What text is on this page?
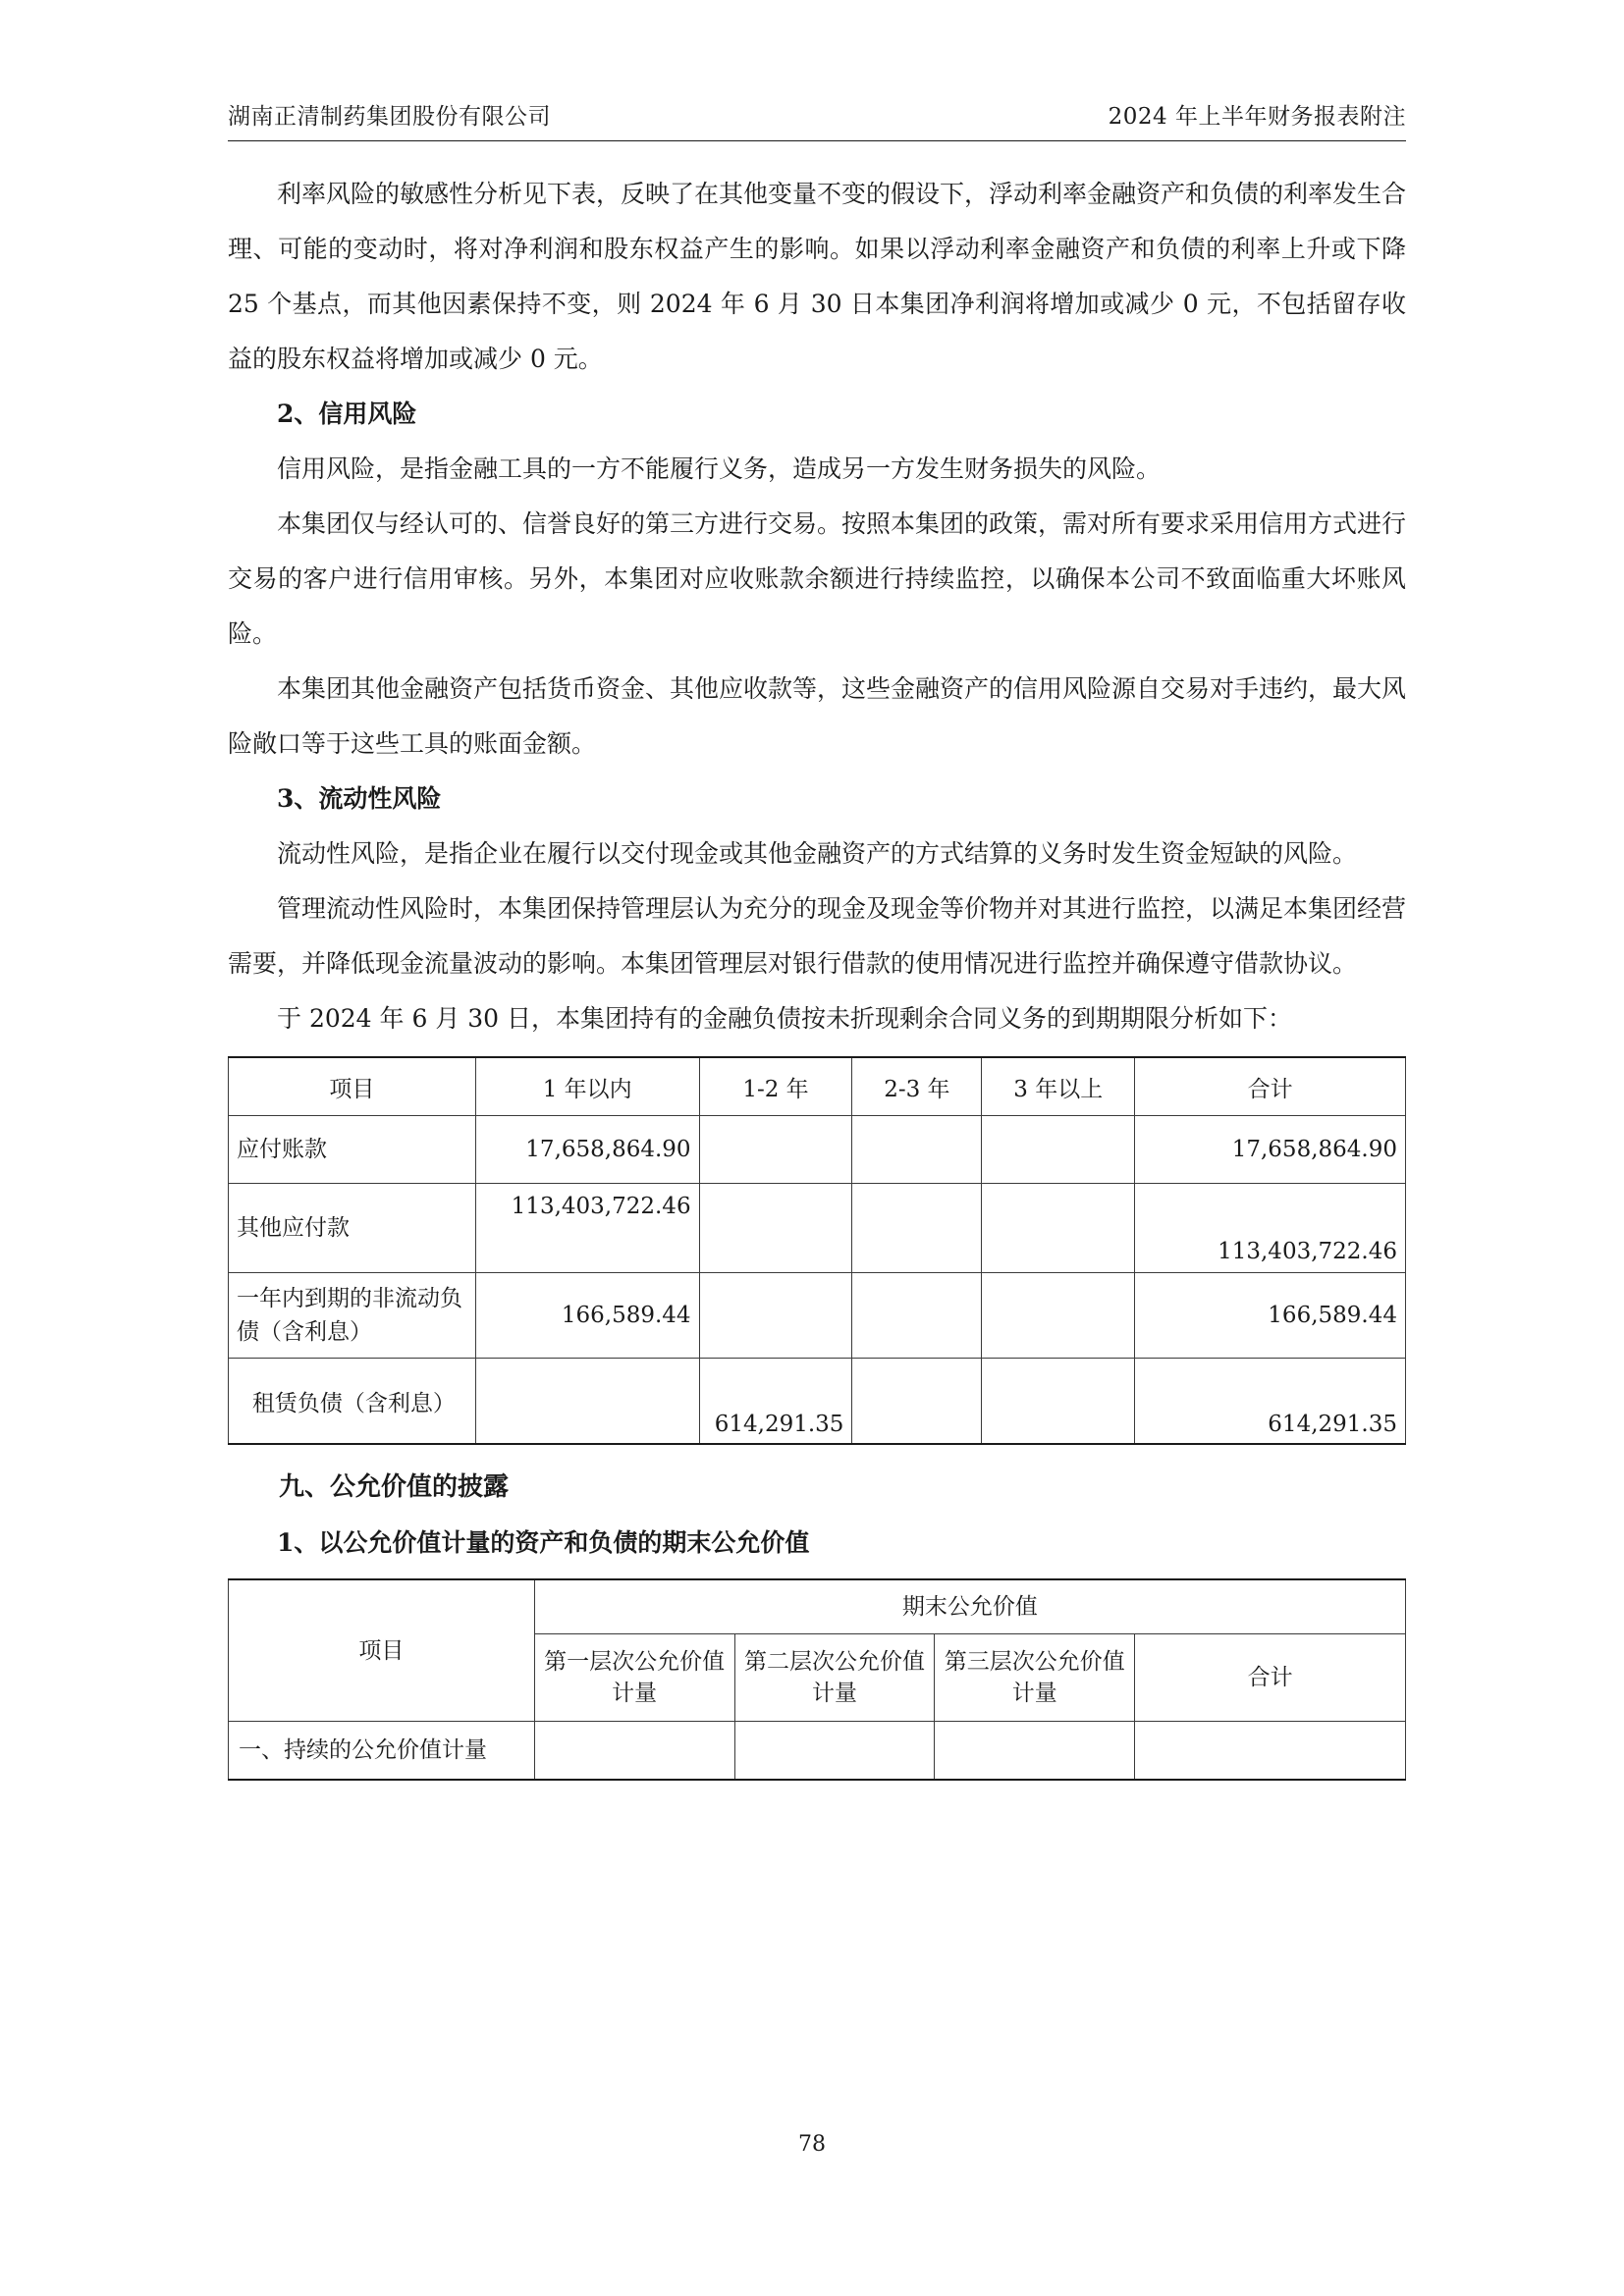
湖南正清制药集团股份有限公司	2024 年上半年财务报表附注

利率风险的敏感性分析见下表，反映了在其他变量不变的假设下，浮动利率金融资产和负债的利率发生合理、可能的变动时，将对净利润和股东权益产生的影响。如果以浮动利率金融资产和负债的利率上升或下降 25 个基点，而其他因素保持不变，则 2024 年 6 月 30 日本集团净利润将增加或减少 0 元，不包括留存收益的股东权益将增加或减少 0 元。

2、信用风险

信用风险，是指金融工具的一方不能履行义务，造成另一方发生财务损失的风险。

本集团仅与经认可的、信誉良好的第三方进行交易。按照本集团的政策，需对所有要求采用信用方式进行交易的客户进行信用审核。另外，本集团对应收账款余额进行持续监控，以确保本公司不致面临重大坏账风险。

本集团其他金融资产包括货币资金、其他应收款等，这些金融资产的信用风险源自交易对手违约，最大风险敞口等于这些工具的账面金额。

3、流动性风险

流动性风险，是指企业在履行以交付现金或其他金融资产的方式结算的义务时发生资金短缺的风险。

管理流动性风险时，本集团保持管理层认为充分的现金及现金等价物并对其进行监控，以满足本集团经营需要，并降低现金流量波动的影响。本集团管理层对银行借款的使用情况进行监控并确保遵守借款协议。

于 2024 年 6 月 30 日，本集团持有的金融负债按未折现剩余合同义务的到期期限分析如下：

项目	1 年以内	1-2 年	2-3 年	3 年以上	合计
应付账款	17,658,864.90				17,658,864.90
其他应付款	113,403,722.46				113,403,722.46
一年内到期的非流动负债（含利息）	166,589.44				166,589.44
租赁负债（含利息）		614,291.35			614,291.35
九、公允价值的披露
1、以公允价值计量的资产和负债的期末公允价值
项目	期末公允价值			
	第一层次公允价值计量	第二层次公允价值计量	第三层次公允价值计量	合计
一、持续的公允价值计量				
78
